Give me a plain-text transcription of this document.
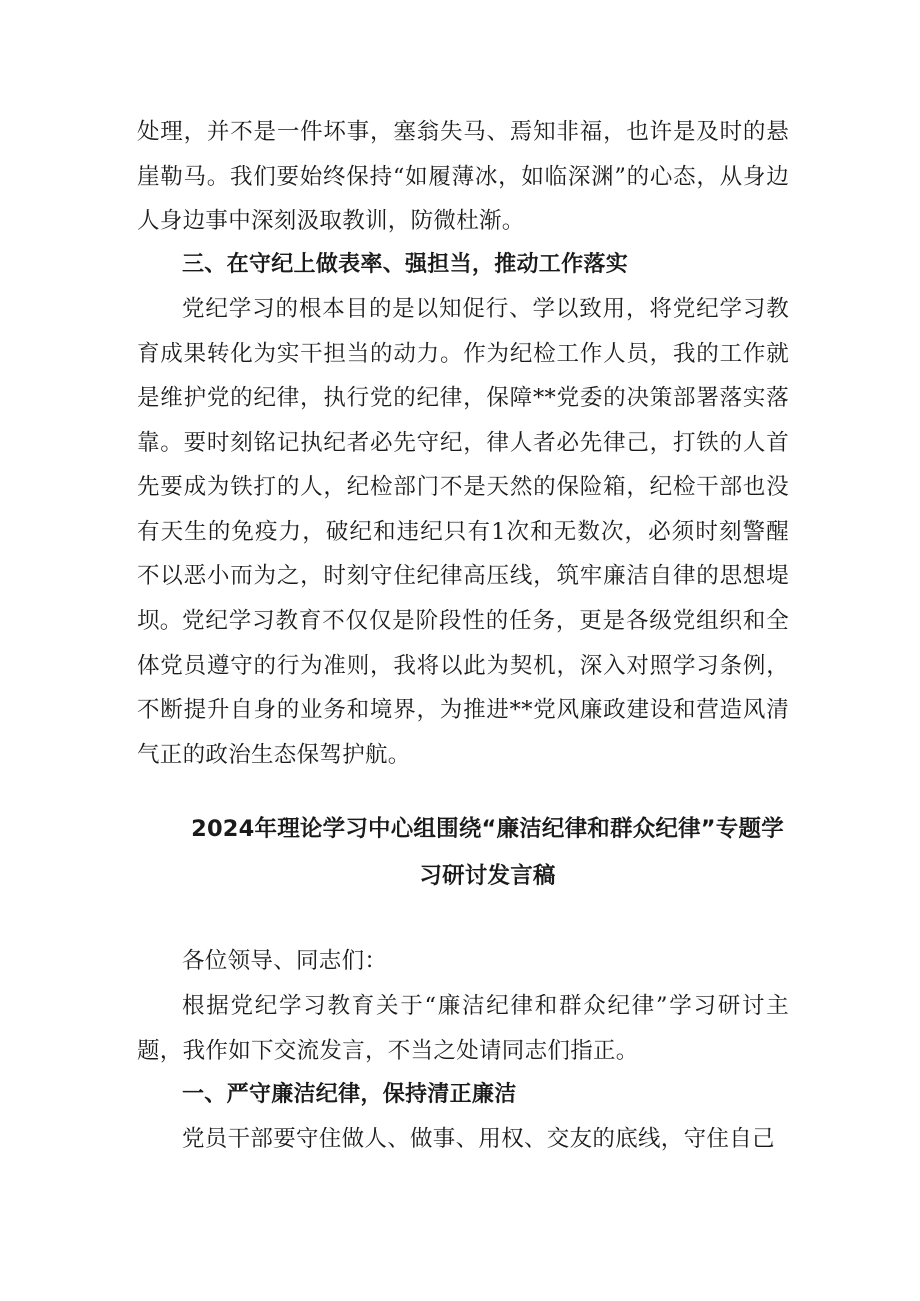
处理，并不是一件坏事，塞翁失马、焉知非福，也许是及时的悬崖勒马。我们要始终保持“如履薄冰，如临深渊”的心态，从身边人身边事中深刻汲取教训，防微杜渐。

三、在守纪上做表率、强担当，推动工作落实

党纪学习的根本目的是以知促行、学以致用，将党纪学习教育成果转化为实干担当的动力。作为纪检工作人员，我的工作就是维护党的纪律，执行党的纪律，保障**党委的决策部署落实落靠。要时刻铭记执纪者必先守纪，律人者必先律己，打铁的人首先要成为铁打的人，纪检部门不是天然的保险箱，纪检干部也没有天生的免疫力，破纪和违纪只有1次和无数次，必须时刻警醒不以恶小而为之，时刻守住纪律高压线，筑牢廉洁自律的思想堤坝。 党纪学习教育不仅仅是阶段性的任务，更是各级党组织和全体党员遵守的行为准则，我将以此为契机，深入对照学习条例，不断提升自身的业务和境界，为推进**党风廉政建设和营造风清气正的政治生态保驾护航。

2024年理论学习中心组围绕“廉洁纪律和群众纪律”专题学习研讨发言稿

各位领导、同志们：

根据党纪学习教育关于“廉洁纪律和群众纪律”学习研讨主题，我作如下交流发言，不当之处请同志们指正。

一、严守廉洁纪律，保持清正廉洁

党员干部要守住做人、做事、用权、交友的底线，守住自己
